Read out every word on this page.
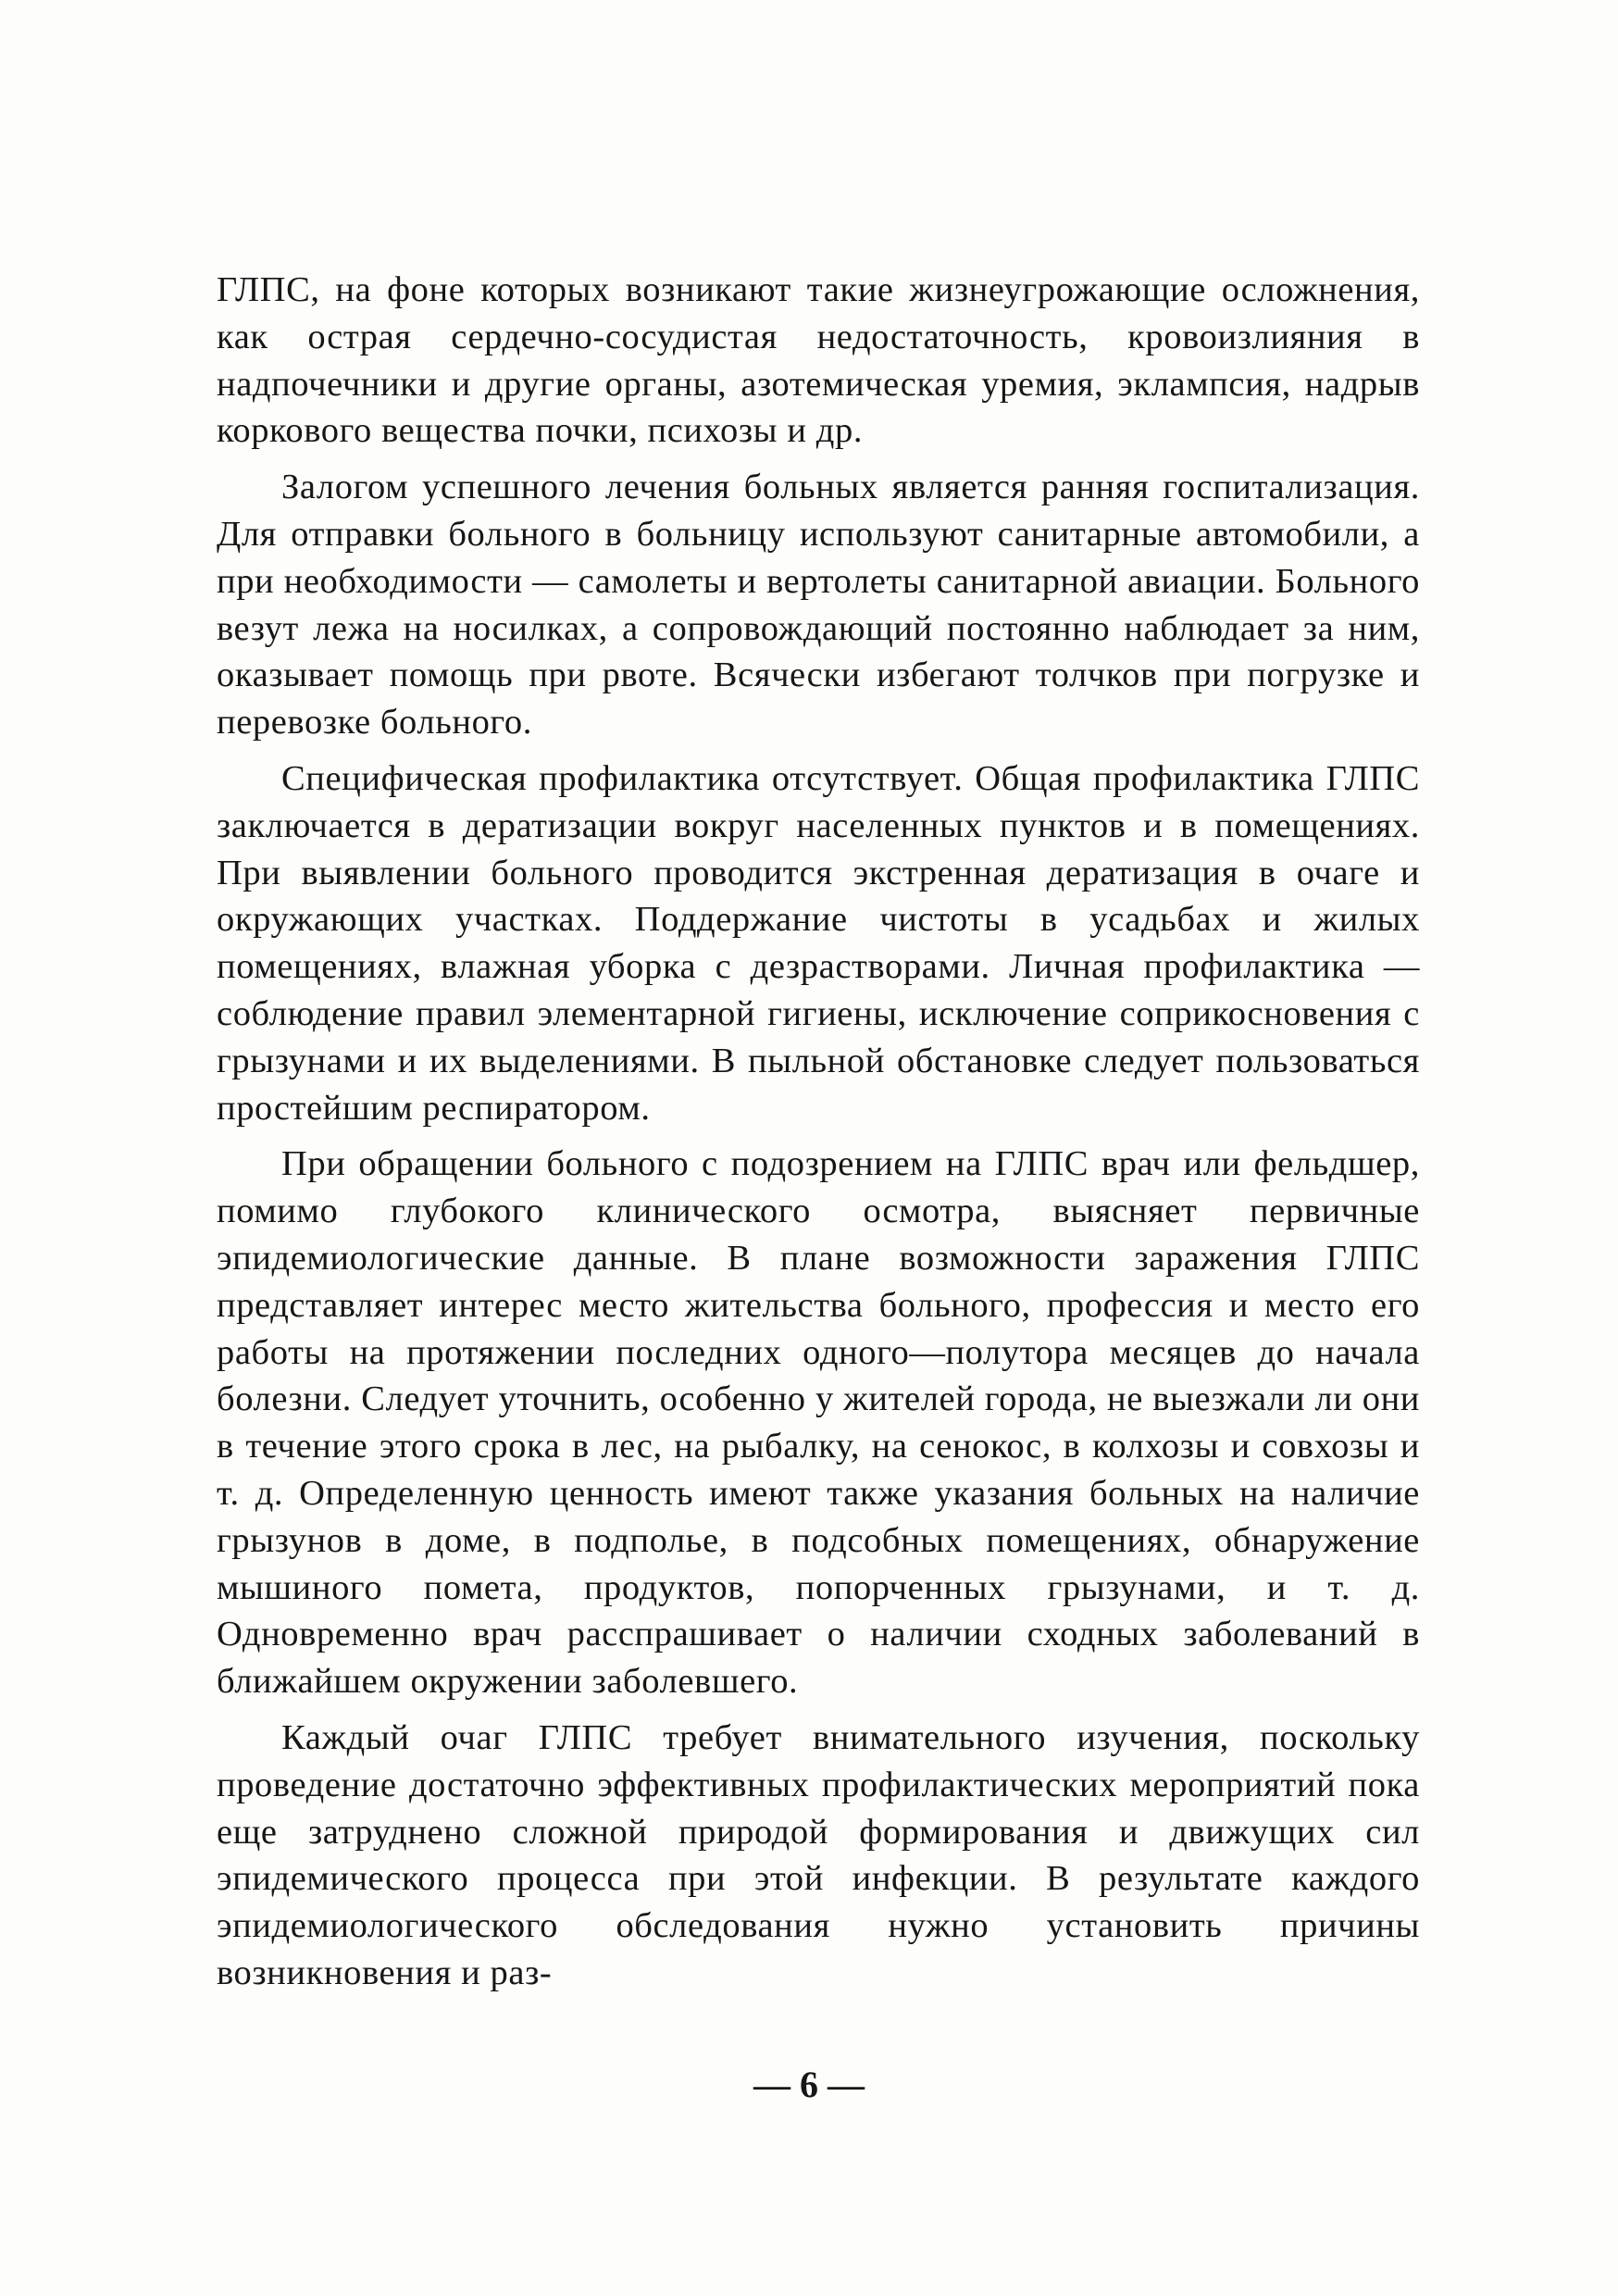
ГЛПС, на фоне которых возникают такие жизнеугрожающие осложнения, как острая сердечно-сосудистая недостаточность, кровоизлияния в надпочечники и другие органы, азотемическая уремия, эклампсия, надрыв коркового вещества почки, психозы и др.

Залогом успешного лечения больных является ранняя госпитализация. Для отправки больного в больницу используют санитарные автомобили, а при необходимости — самолеты и вертолеты санитарной авиации. Больного везут лежа на носилках, а сопровождающий постоянно наблюдает за ним, оказывает помощь при рвоте. Всячески избегают толчков при погрузке и перевозке больного.

Специфическая профилактика отсутствует. Общая профилактика ГЛПС заключается в дератизации вокруг населенных пунктов и в помещениях. При выявлении больного проводится экстренная дератизация в очаге и окружающих участках. Поддержание чистоты в усадьбах и жилых помещениях, влажная уборка с дезрастворами. Личная профилактика — соблюдение правил элементарной гигиены, исключение соприкосновения с грызунами и их выделениями. В пыльной обстановке следует пользоваться простейшим респиратором.

При обращении больного с подозрением на ГЛПС врач или фельдшер, помимо глубокого клинического осмотра, выясняет первичные эпидемиологические данные. В плане возможности заражения ГЛПС представляет интерес место жительства больного, профессия и место его работы на протяжении последних одного—полутора месяцев до начала болезни. Следует уточнить, особенно у жителей города, не выезжали ли они в течение этого срока в лес, на рыбалку, на сенокос, в колхозы и совхозы и т. д. Определенную ценность имеют также указания больных на наличие грызунов в доме, в подполье, в подсобных помещениях, обнаружение мышиного помета, продуктов, попорченных грызунами, и т. д. Одновременно врач расспрашивает о наличии сходных заболеваний в ближайшем окружении заболевшего.

Каждый очаг ГЛПС требует внимательного изучения, поскольку проведение достаточно эффективных профилактических мероприятий пока еще затруднено сложной природой формирования и движущих сил эпидемического процесса при этой инфекции. В результате каждого эпидемиологического обследования нужно установить причины возникновения и раз-

— 6 —
